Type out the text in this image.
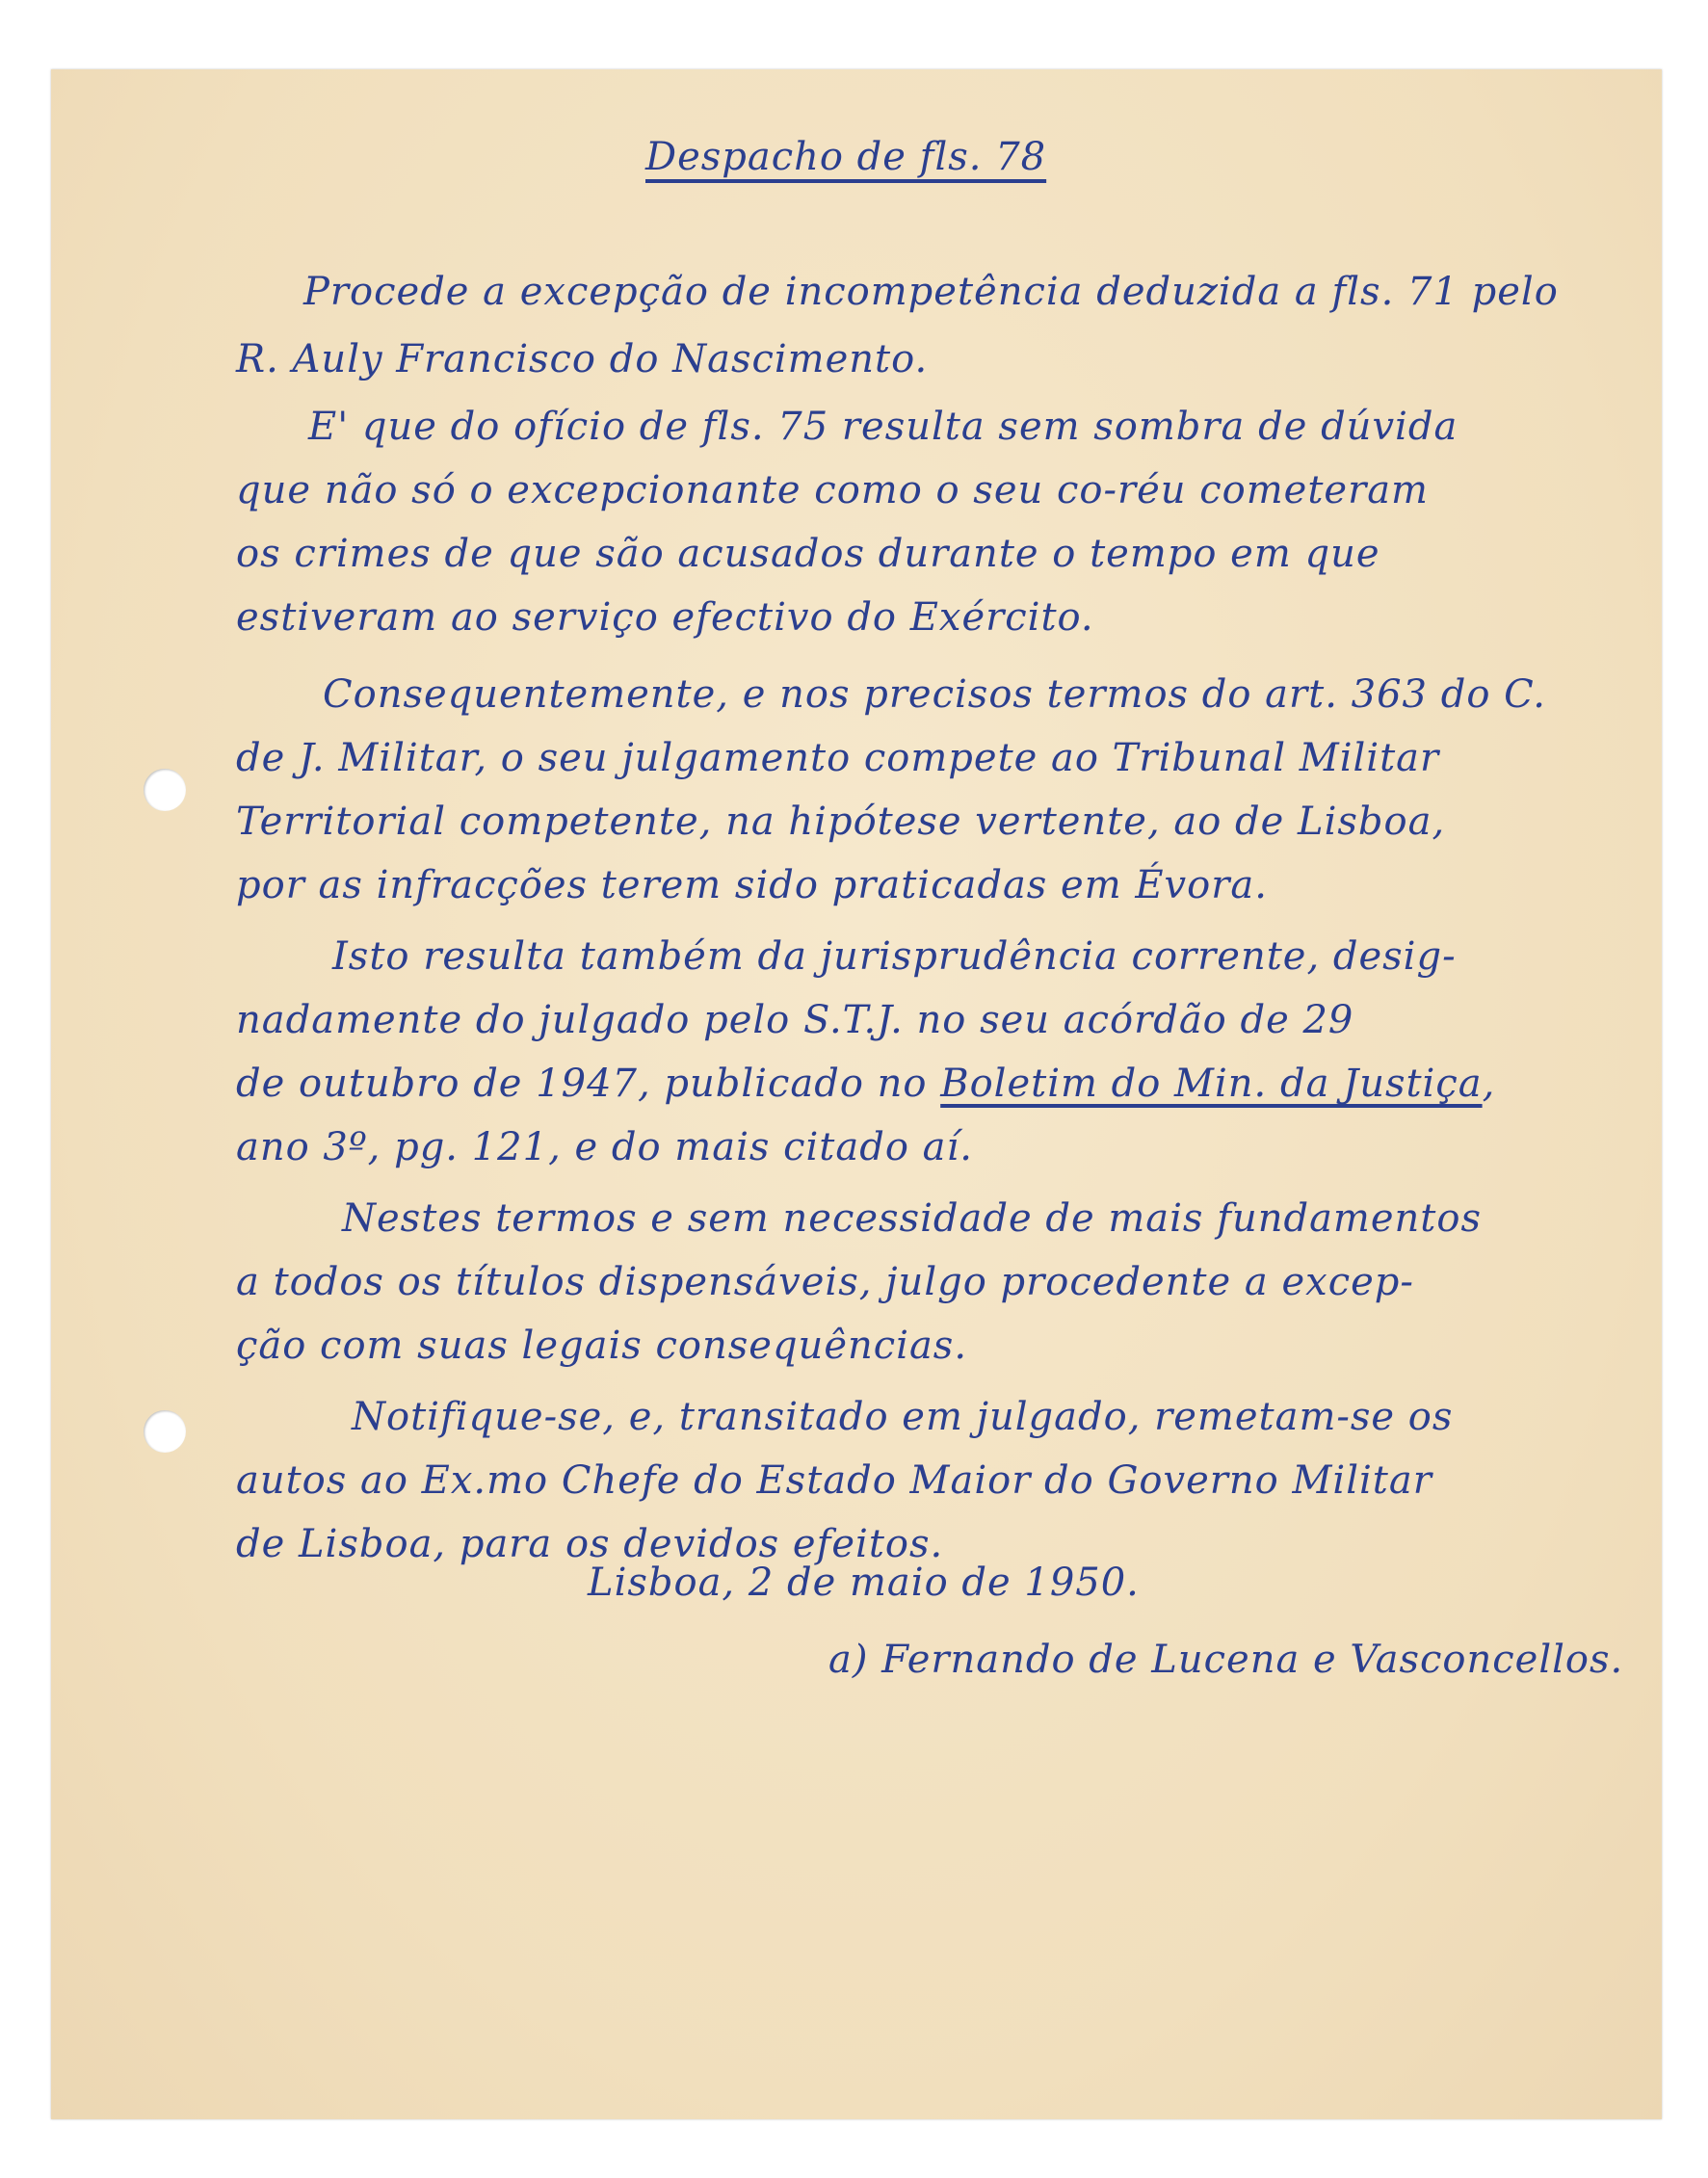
Despacho de fls. 78
Procede a excepção de incompetência deduzida a fls. 71 pelo
R. Auly Francisco do Nascimento.
E' que do ofício de fls. 75 resulta sem sombra de dúvida
que não só o excepcionante como o seu co-réu cometeram
os crimes de que são acusados durante o tempo em que
estiveram ao serviço efectivo do Exército.
Consequentemente, e nos precisos termos do art. 363 do C.
de J. Militar, o seu julgamento compete ao Tribunal Militar
Territorial competente, na hipótese vertente, ao de Lisboa,
por as infracções terem sido praticadas em Évora.
Isto resulta também da jurisprudência corrente, desig-
nadamente do julgado pelo S.T.J. no seu acórdão de 29
de outubro de 1947, publicado no Boletim do Min. da Justiça,
ano 3º, pg. 121, e do mais citado aí.
Nestes termos e sem necessidade de mais fundamentos
a todos os títulos dispensáveis, julgo procedente a excep-
ção com suas legais consequências.
Notifique-se, e, transitado em julgado, remetam-se os
autos ao Ex.mo Chefe do Estado Maior do Governo Militar
de Lisboa, para os devidos efeitos.
Lisboa, 2 de maio de 1950.
a) Fernando de Lucena e Vasconcellos.
